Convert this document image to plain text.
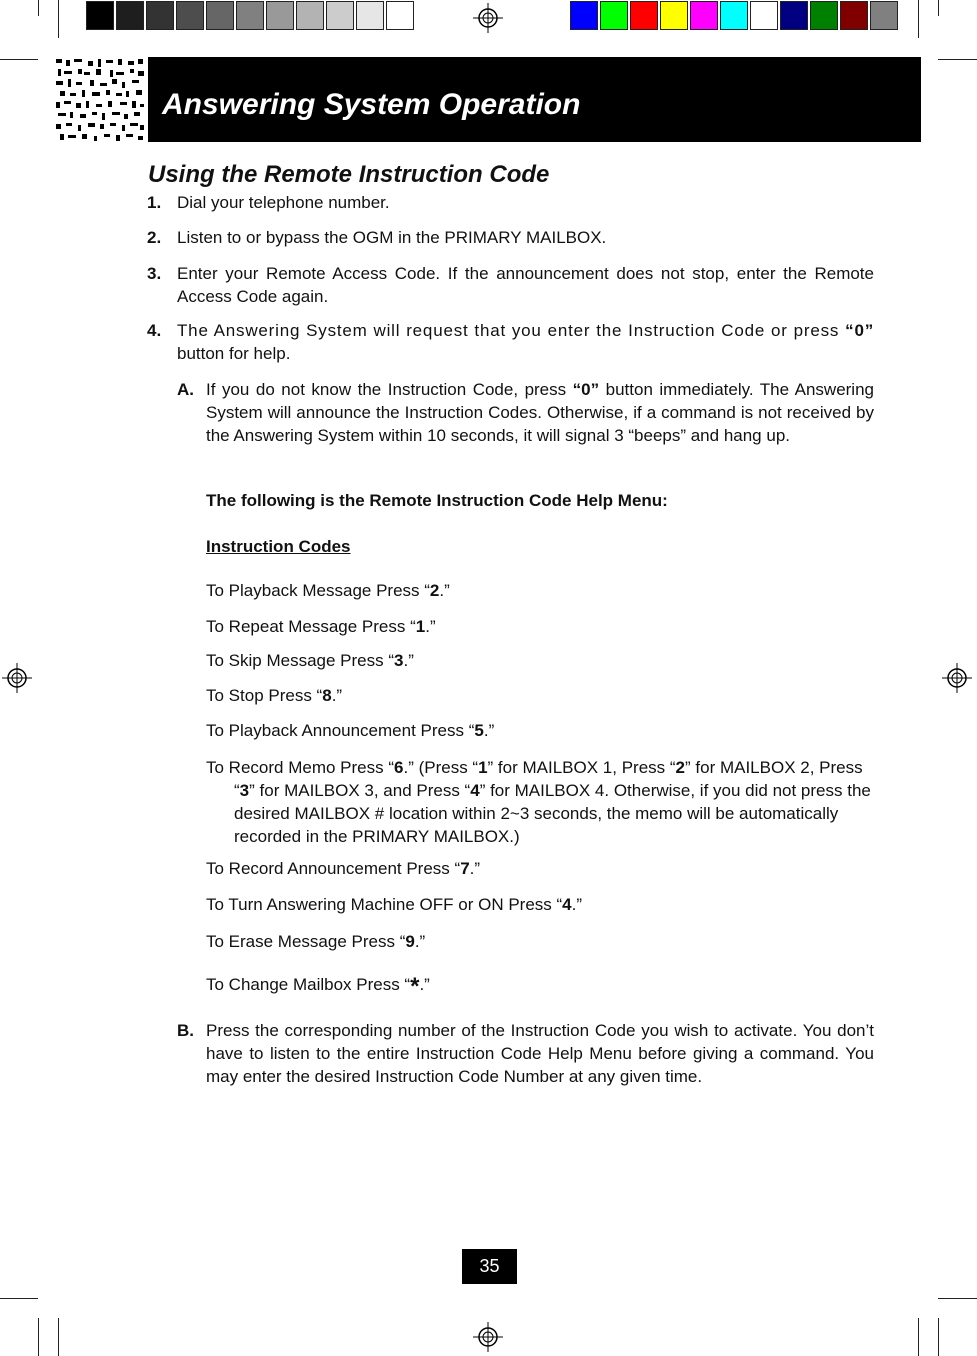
Answering System Operation
Using the Remote Instruction Code
1. Dial your telephone number.
2. Listen to or bypass the OGM in the PRIMARY MAILBOX.
3. Enter your Remote Access Code. If the announcement does not stop, enter the Remote Access Code again.
4. The Answering System will request that you enter the Instruction Code or press “0” button for help.
A. If you do not know the Instruction Code, press “0” button immediately. The Answering System will announce the Instruction Codes. Otherwise, if a command is not received by the Answering System within 10 seconds, it will signal 3 “beeps” and hang up.
The following is the Remote Instruction Code Help Menu:
Instruction Codes
To Playback Message Press “2.”
To Repeat Message Press “1.”
To Skip Message Press “3.”
To Stop Press “8.”
To Playback Announcement Press “5.”
To Record Memo Press “6.” (Press “1” for MAILBOX 1, Press “2” for MAILBOX 2, Press “3” for MAILBOX 3, and Press “4” for MAILBOX 4. Otherwise, if you did not press the desired MAILBOX # location within 2~3 seconds, the memo will be automatically recorded in the PRIMARY MAILBOX.)
To Record Announcement Press “7.”
To Turn Answering Machine OFF or ON Press “4.”
To Erase Message Press “9.”
To Change Mailbox Press “*.”
B. Press the corresponding number of the Instruction Code you wish to activate. You don’t have to listen to the entire Instruction Code Help Menu before giving a command. You may enter the desired Instruction Code Number at any given time.
35
